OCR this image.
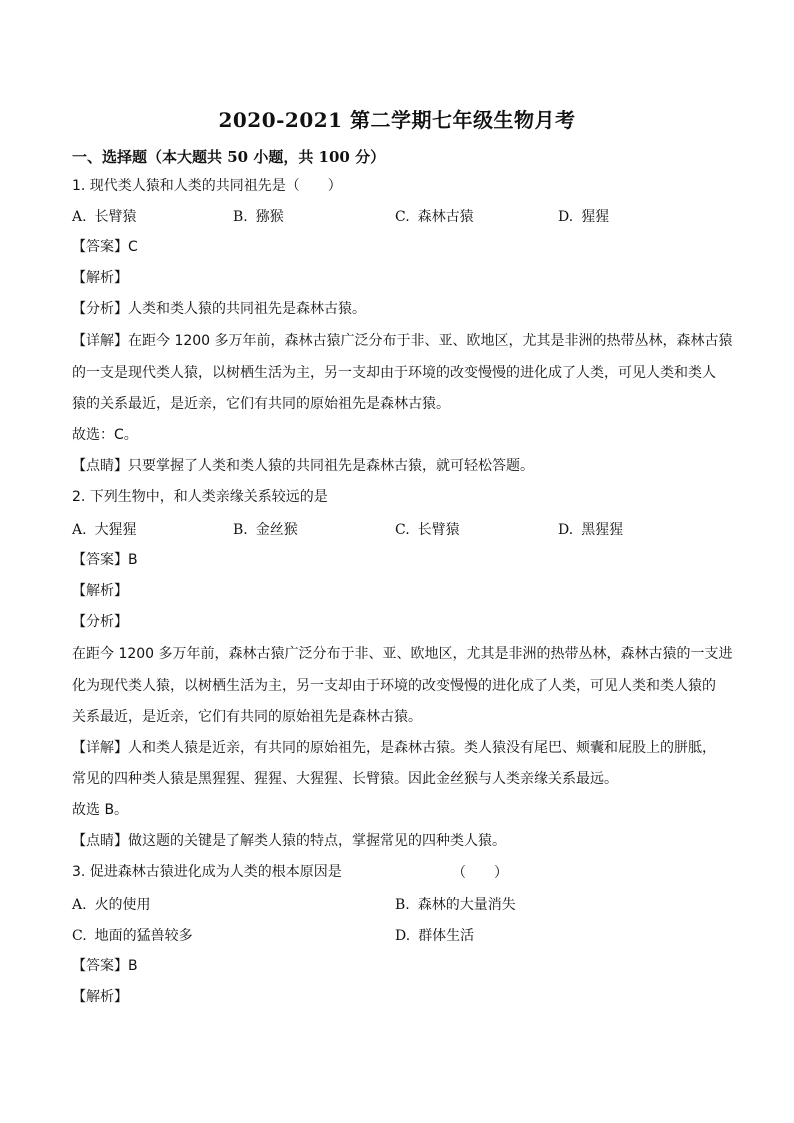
2020-2021 第二学期七年级生物月考
一、选择题（本大题共 50 小题，共 100 分）
1. 现代类人猿和人类的共同祖先是（　　）
A. 长臂猿	B. 猕猴	C. 森林古猿	D. 猩猩
【答案】C
【解析】
【分析】人类和类人猿的共同祖先是森林古猿。
【详解】在距今 1200 多万年前，森林古猿广泛分布于非、亚、欧地区，尤其是非洲的热带丛林，森林古猿
的一支是现代类人猿，以树栖生活为主，另一支却由于环境的改变慢慢的进化成了人类，可见人类和类人
猿的关系最近，是近亲，它们有共同的原始祖先是森林古猿。
故选：C。
【点睛】只要掌握了人类和类人猿的共同祖先是森林古猿，就可轻松答题。
2. 下列生物中，和人类亲缘关系较远的是
A. 大猩猩	B. 金丝猴	C. 长臂猿	D. 黑猩猩
【答案】B
【解析】
【分析】
在距今 1200 多万年前，森林古猿广泛分布于非、亚、欧地区，尤其是非洲的热带丛林，森林古猿的一支进
化为现代类人猿，以树栖生活为主，另一支却由于环境的改变慢慢的进化成了人类，可见人类和类人猿的
关系最近，是近亲，它们有共同的原始祖先是森林古猿。
【详解】人和类人猿是近亲，有共同的原始祖先，是森林古猿。类人猿没有尾巴、颊囊和屁股上的胼胝，
常见的四种类人猿是黑猩猩、猩猩、大猩猩、长臂猿。因此金丝猴与人类亲缘关系最远。
故选 B。
【点睛】做这题的关键是了解类人猿的特点，掌握常见的四种类人猿。
3. 促进森林古猿进化成为人类的根本原因是	（　　）
A. 火的使用	B. 森林的大量消失
C. 地面的猛兽较多	D. 群体生活
【答案】B
【解析】
